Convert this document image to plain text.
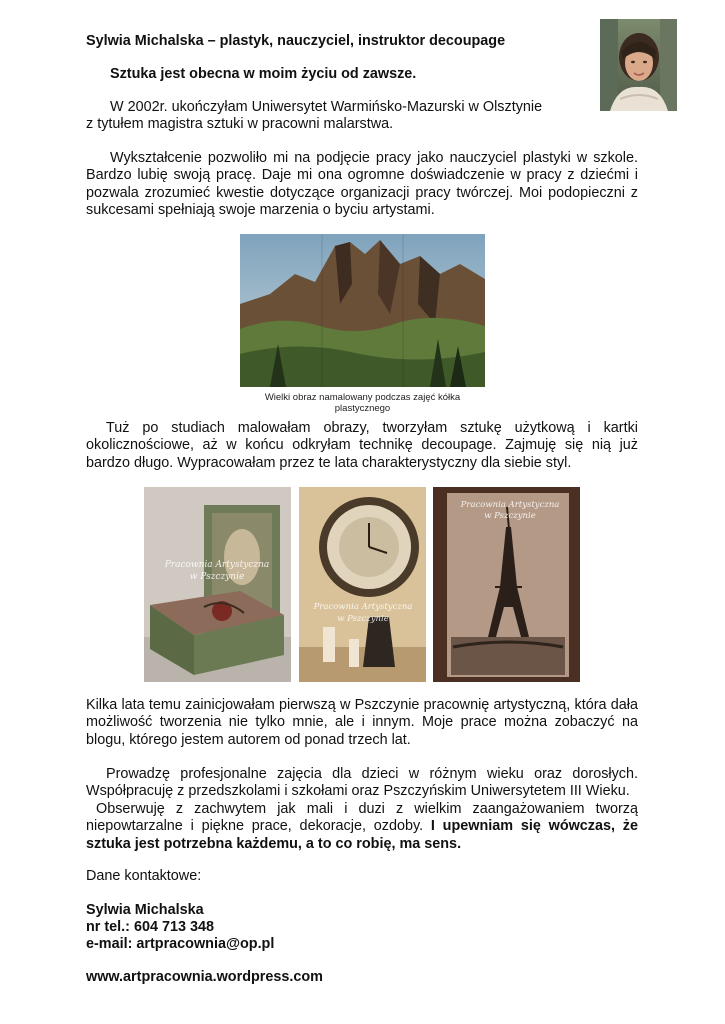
Sylwia Michalska – plastyk, nauczyciel, instruktor decoupage
Sztuka jest obecna w moim życiu od zawsze.

W 2002r. ukończyłam Uniwersytet Warmińsko-Mazurski w Olsztynie
z tytułem magistra sztuki w pracowni malarstwa.

Wykształcenie pozwoliło mi na podjęcie pracy jako nauczyciel plastyki w szkole. Bardzo lubię swoją pracę. Daje mi ona ogromne doświadczenie w pracy z dziećmi i pozwala zrozumieć kwestie dotyczące organizacji pracy twórczej. Moi podopieczni z sukcesami spełniają swoje marzenia o byciu artystami.

Wielki obraz namalowany podczas zajęć kółka plastycznego

Tuż po studiach malowałam obrazy, tworzyłam sztukę użytkową i kartki okolicznościowe, aż w końcu odkryłam technikę decoupage. Zajmuję się nią już bardzo długo. Wypracowałam przez te lata charakterystyczny dla siebie styl.

Pracownia Artystyczna
w Pszczynie
Pracownia Artystyczna
w Pszczynie
Pracownia Artystyczna
w Pszczynie

Kilka lata temu zainicjowałam pierwszą w Pszczynie pracownię artystyczną, która dała możliwość tworzenia nie tylko mnie, ale i innym. Moje prace można zobaczyć na blogu, którego jestem autorem od ponad trzech lat.

Prowadzę profesjonalne zajęcia dla dzieci w różnym wieku oraz dorosłych. Współpracuję z przedszkolami i szkołami oraz Pszczyńskim Uniwersytetem III Wieku.
Obserwuję z zachwytem jak mali i duzi z wielkim zaangażowaniem tworzą niepowtarzalne i piękne prace, dekoracje, ozdoby. I upewniam się wówczas, że sztuka jest potrzebna każdemu, a to co robię, ma sens.
Dane kontaktowe:
Sylwia Michalska
nr tel.: 604 713 348
e-mail: artpracownia@op.pl
www.artpracownia.wordpress.com
